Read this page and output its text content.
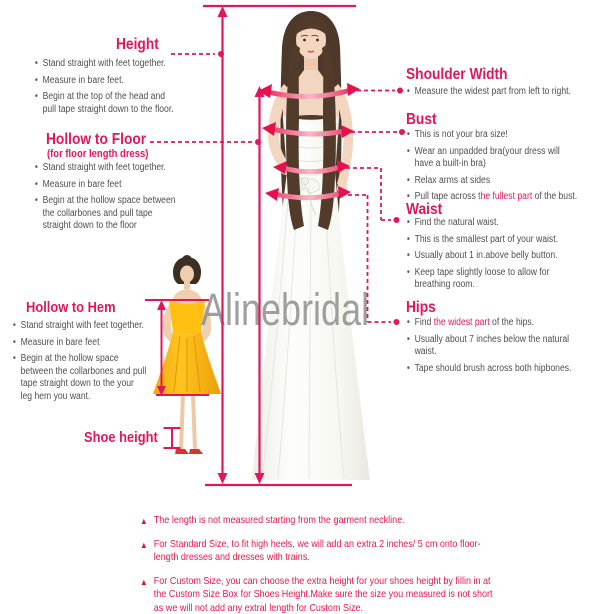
Alinebridal
Height
• Stand straight with feet together.
• Measure in bare feet.
• Begin at the top of the head and pull tape straight down to the floor.
Hollow to Floor
(for floor length dress)
• Stand straight with feet together.
• Measure in bare feet
• Begin at the hollow space between the collarbones and pull tape straight down to the floor
Hollow to Hem
• Stand straight with feet together.
• Measure in bare feet
• Begin at the hollow space between the collarbones and pull tape straight down to the your leg hem you want.
Shoe height
Shoulder Width
• Measure the widest part from left to right.
Bust
• This is not your bra size!
• Wear an unpadded bra(your dress will have a built-in bra)
• Relax arms at sides
• Pull tape across the fullest part of the bust.
Waist
• Find the natural waist.
• This is the smallest part of your waist.
• Usually about 1 in.above belly button.
• Keep tape slightly loose to allow for breathing room.
Hips
• Find the widest part of the hips.
• Usually about 7 inches below the natural waist.
• Tape should brush across both hipbones.
▲ The length is not measured starting from the garment neckline.
▲ For Standard Size, to fit high heels, we will add an extra 2 inches/ 5 cm onto floor-length dresses and dresses with trains.
▲ For Custom Size, you can choose the extra height for your shoes height by fillin in at the Custom Size Box for Shoes Height.Make sure the size you measured is not short as we will not add any extral length for Custom Size.
